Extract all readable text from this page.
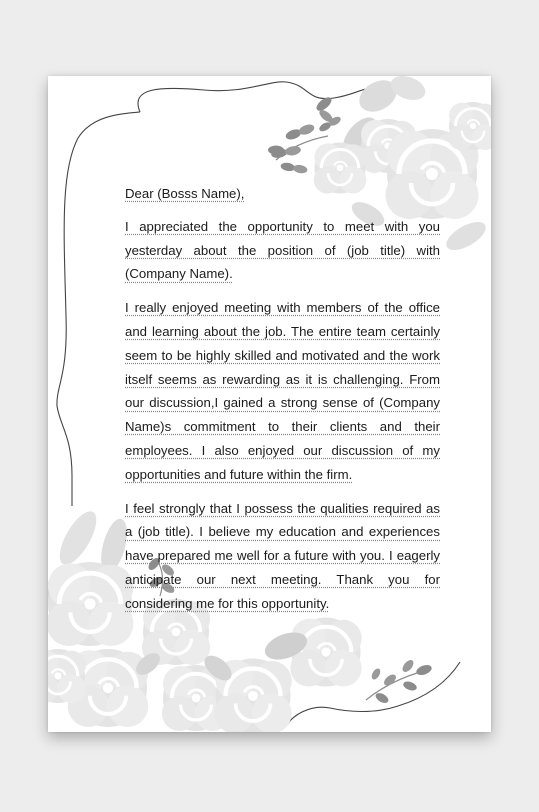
Dear (Bosss Name),

I appreciated the opportunity to meet with you yesterday about the position of (job title) with (Company Name).

I really enjoyed meeting with members of the office and learning about the job. The entire team certainly seem to be highly skilled and motivated and the work itself seems as rewarding as it is challenging. From our discussion,I gained a strong sense of (Company Name)s commitment to their clients and their employees. I also enjoyed our discussion of my opportunities and future within the firm.

I feel strongly that I possess the qualities required as a (job title). I believe my education and experiences have prepared me well for a future with you. I eagerly anticipate our next meeting. Thank you for considering me for this opportunity.
